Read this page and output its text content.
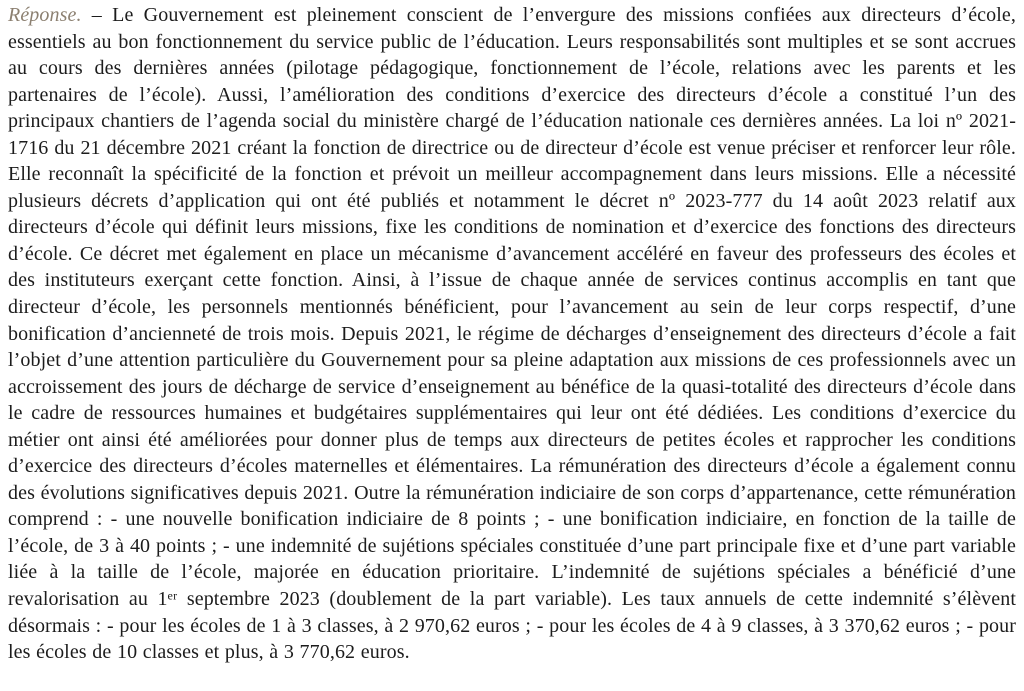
Réponse. – Le Gouvernement est pleinement conscient de l’envergure des missions confiées aux directeurs d’école, essentiels au bon fonctionnement du service public de l’éducation. Leurs responsabilités sont multiples et se sont accrues au cours des dernières années (pilotage pédagogique, fonctionnement de l’école, relations avec les parents et les partenaires de l’école). Aussi, l’amélioration des conditions d’exercice des directeurs d’école a constitué l’un des principaux chantiers de l’agenda social du ministère chargé de l’éducation nationale ces dernières années. La loi nº 2021-1716 du 21 décembre 2021 créant la fonction de directrice ou de directeur d’école est venue préciser et renforcer leur rôle. Elle reconnaît la spécificité de la fonction et prévoit un meilleur accompagnement dans leurs missions. Elle a nécessité plusieurs décrets d’application qui ont été publiés et notamment le décret nº 2023-777 du 14 août 2023 relatif aux directeurs d’école qui définit leurs missions, fixe les conditions de nomination et d’exercice des fonctions des directeurs d’école. Ce décret met également en place un mécanisme d’avancement accéléré en faveur des professeurs des écoles et des instituteurs exerçant cette fonction. Ainsi, à l’issue de chaque année de services continus accomplis en tant que directeur d’école, les personnels mentionnés bénéficient, pour l’avancement au sein de leur corps respectif, d’une bonification d’ancienneté de trois mois. Depuis 2021, le régime de décharges d’enseignement des directeurs d’école a fait l’objet d’une attention particulière du Gouvernement pour sa pleine adaptation aux missions de ces professionnels avec un accroissement des jours de décharge de service d’enseignement au bénéfice de la quasi-totalité des directeurs d’école dans le cadre de ressources humaines et budgétaires supplémentaires qui leur ont été dédiées. Les conditions d’exercice du métier ont ainsi été améliorées pour donner plus de temps aux directeurs de petites écoles et rapprocher les conditions d’exercice des directeurs d’écoles maternelles et élémentaires. La rémunération des directeurs d’école a également connu des évolutions significatives depuis 2021. Outre la rémunération indiciaire de son corps d’appartenance, cette rémunération comprend : - une nouvelle bonification indiciaire de 8 points ; - une bonification indiciaire, en fonction de la taille de l’école, de 3 à 40 points ; - une indemnité de sujétions spéciales constituée d’une part principale fixe et d’une part variable liée à la taille de l’école, majorée en éducation prioritaire. L’indemnité de sujétions spéciales a bénéficié d’une revalorisation au 1ᵉʳ septembre 2023 (doublement de la part variable). Les taux annuels de cette indemnité s’élèvent désormais : - pour les écoles de 1 à 3 classes, à 2 970,62 euros ; - pour les écoles de 4 à 9 classes, à 3 370,62 euros ; - pour les écoles de 10 classes et plus, à 3 770,62 euros.
